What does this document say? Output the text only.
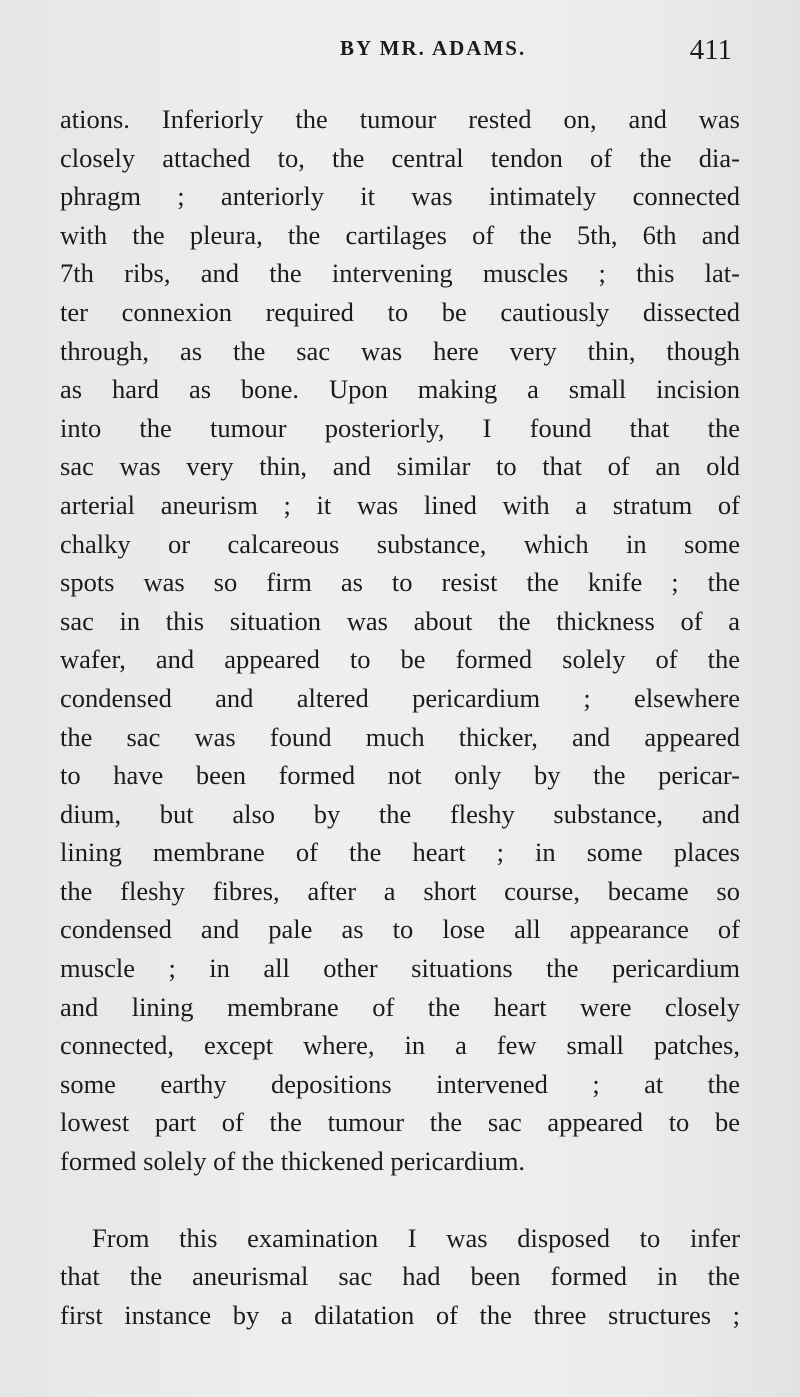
BY MR. ADAMS.	411
ations. Inferiorly the tumour rested on, and was
closely attached to, the central tendon of the dia-
phragm ; anteriorly it was intimately connected
with the pleura, the cartilages of the 5th, 6th and
7th ribs, and the intervening muscles ; this lat-
ter connexion required to be cautiously dissected
through, as the sac was here very thin, though
as hard as bone. Upon making a small incision
into the tumour posteriorly, I found that the
sac was very thin, and similar to that of an old
arterial aneurism ; it was lined with a stratum of
chalky or calcareous substance, which in some
spots was so firm as to resist the knife ; the
sac in this situation was about the thickness of a
wafer, and appeared to be formed solely of the
condensed and altered pericardium ; elsewhere
the sac was found much thicker, and appeared
to have been formed not only by the pericar-
dium, but also by the fleshy substance, and
lining membrane of the heart ; in some places
the fleshy fibres, after a short course, became so
condensed and pale as to lose all appearance of
muscle ; in all other situations the pericardium
and lining membrane of the heart were closely
connected, except where, in a few small patches,
some earthy depositions intervened ; at the
lowest part of the tumour the sac appeared to be
formed solely of the thickened pericardium.
From this examination I was disposed to infer
that the aneurismal sac had been formed in the
first instance by a dilatation of the three structures ;
